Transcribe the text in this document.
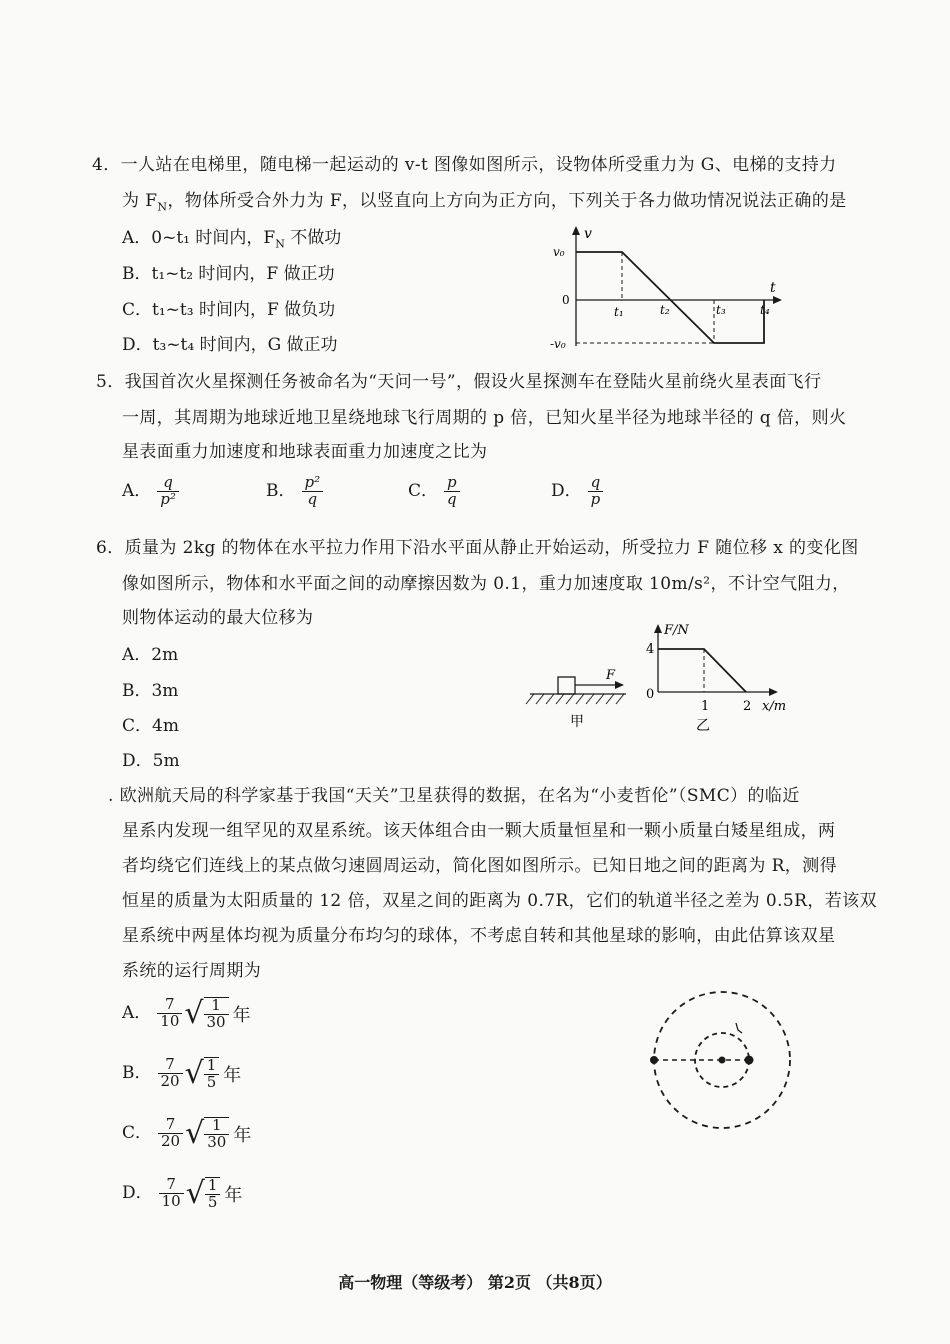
4．一人站在电梯里，随电梯一起运动的 v-t 图像如图所示，设物体所受重力为 G、电梯的支持力
为 $F_N$，物体所受合外力为 F，以竖直向上方向为正方向，下列关于各力做功情况说法正确的是
A．0~t₁ 时间内，$F_N$ 不做功
B．t₁~t₂ 时间内，F 做正功
C．t₁~t₃ 时间内，F 做负功
D．t₃~t₄ 时间内，G 做正功
v
t
v₀
0
-v₀
t₁	t₂	t₃	t₄
5．我国首次火星探测任务被命名为“天问一号”，假设火星探测车在登陆火星前绕火星表面飞行
一周，其周期为地球近地卫星绕地球飞行周期的 p 倍，已知火星半径为地球半径的 q 倍，则火
星表面重力加速度和地球表面重力加速度之比为
A． $\frac{q}{\text{p²}}$	B． $\frac{\text{p²}}{q}$	C． $\frac{p}{q}$	D． $\frac{q}{p}$
6．质量为 2kg 的物体在水平拉力作用下沿水平面从静止开始运动，所受拉力 F 随位移 x 的变化图
像如图所示，物体和水平面之间的动摩擦因数为 0.1，重力加速度取 10m/s²，不计空气阻力，
则物体运动的最大位移为
A．2m
B．3m
C．4m
D．5m
F
甲
F/N
4
0
1	2 x/m
乙
. 欧洲航天局的科学家基于我国“天关”卫星获得的数据，在名为“小麦哲伦”（SMC）的临近
星系内发现一组罕见的双星系统。该天体组合由一颗大质量恒星和一颗小质量白矮星组成，两
者均绕它们连线上的某点做匀速圆周运动，简化图如图所示。已知日地之间的距离为 R，测得
恒星的质量为太阳质量的 12 倍，双星之间的距离为 0.7R，它们的轨道半径之差为 0.5R，若该双
星系统中两星体均视为质量分布均匀的球体，不考虑自转和其他星球的影响，由此估算该双星
系统的运行周期为
A． $\frac{7}{10}$ √ $\frac{1}{30}$ 年
B． $\frac{7}{20}$ √ $\frac{1}{5}$ 年
C． $\frac{7}{20}$ √ $\frac{1}{30}$ 年
D． $\frac{7}{10}$ √ $\frac{1}{5}$ 年
高一物理（等级考） 第2页 （共8页）
